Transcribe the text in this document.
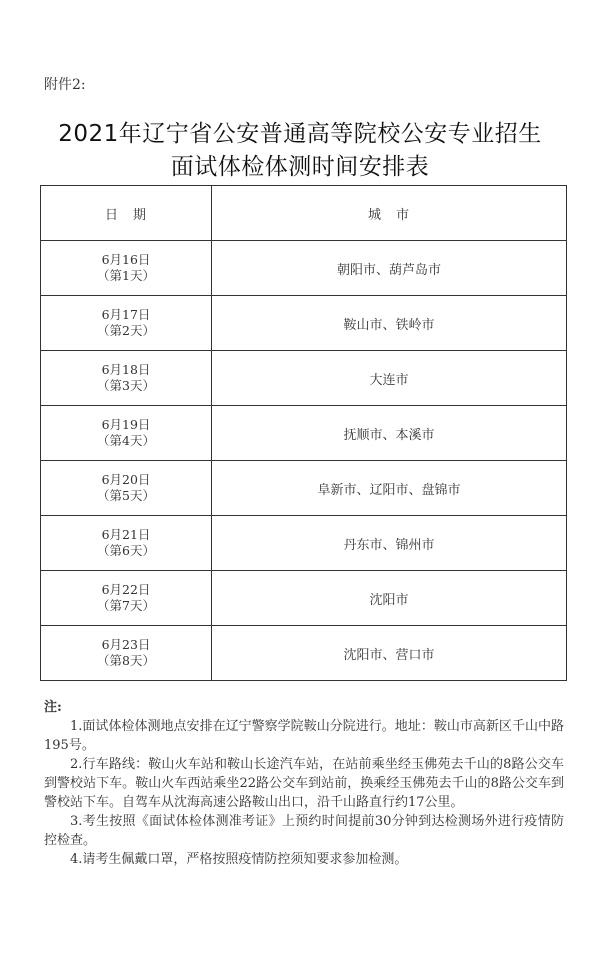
附件2:
2021年辽宁省公安普通高等院校公安专业招生
面试体检体测时间安排表
日　期	城　市

6月16日
（第1天）	朝阳市、葫芦岛市

6月17日
（第2天）	鞍山市、铁岭市

6月18日
（第3天）	大连市

6月19日
（第4天）	抚顺市、本溪市

6月20日
（第5天）	阜新市、辽阳市、盘锦市

6月21日
（第6天）	丹东市、锦州市

6月22日
（第7天）	沈阳市

6月23日
（第8天）	沈阳市、营口市
注:

1.面试体检体测地点安排在辽宁警察学院鞍山分院进行。地址：鞍山市高新区千山中路195号。

2.行车路线：鞍山火车站和鞍山长途汽车站，在站前乘坐经玉佛苑去千山的8路公交车到警校站下车。鞍山火车西站乘坐22路公交车到站前，换乘经玉佛苑去千山的8路公交车到警校站下车。自驾车从沈海高速公路鞍山出口，沿千山路直行约17公里。

3.考生按照《面试体检体测准考证》上预约时间提前30分钟到达检测场外进行疫情防控检查。

4.请考生佩戴口罩，严格按照疫情防控须知要求参加检测。
